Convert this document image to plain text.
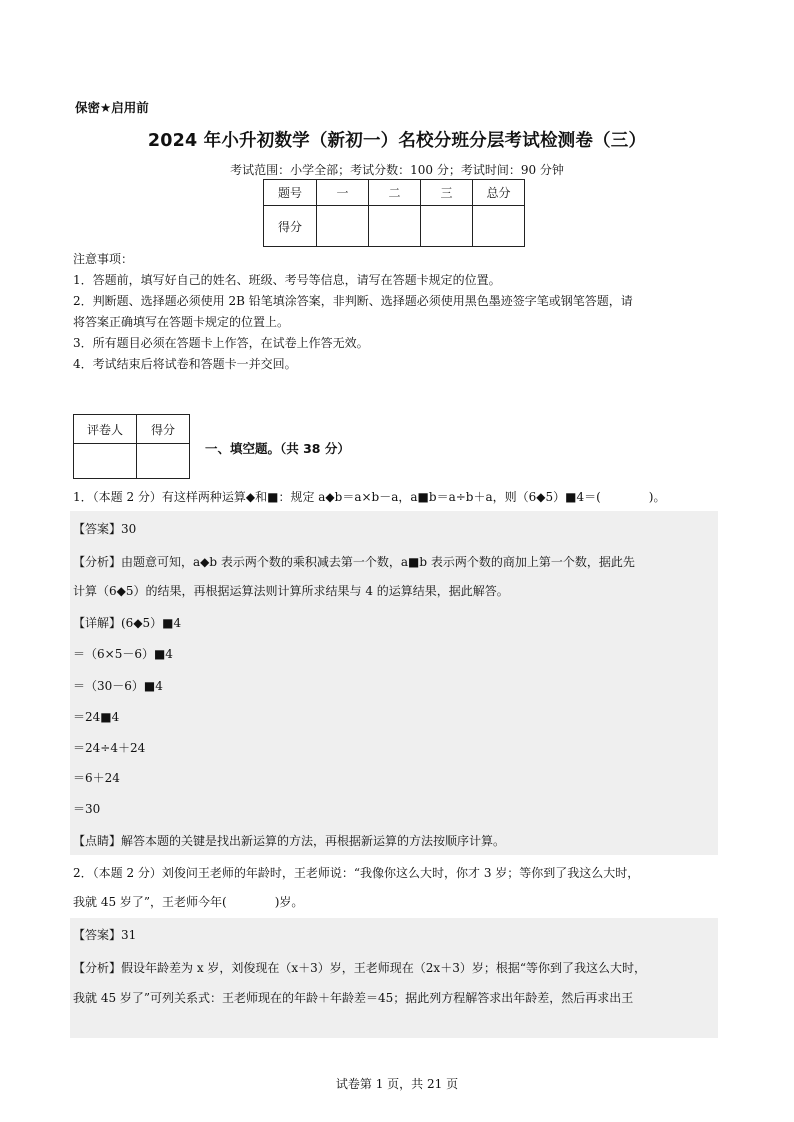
保密★启用前
2024 年小升初数学（新初一）名校分班分层考试检测卷（三）
考试范围：小学全部；考试分数：100 分；考试时间：90 分钟
题号	一	二	三	总分
得分				
注意事项：
1．答题前，填写好自己的姓名、班级、考号等信息，请写在答题卡规定的位置。
2．判断题、选择题必须使用 2B 铅笔填涂答案，非判断、选择题必须使用黑色墨迹签字笔或钢笔答题，请
将答案正确填写在答题卡规定的位置上。
3．所有题目必须在答题卡上作答，在试卷上作答无效。
4．考试结束后将试卷和答题卡一并交回。
评卷人	得分

一、填空题。（共 38 分）
1．（本题 2 分）有这样两种运算◆和■：规定 a◆b＝a×b－a，a■b＝a÷b＋a，则（6◆5）■4＝(　　　　)。
【答案】30
【分析】由题意可知，a◆b 表示两个数的乘积减去第一个数，a■b 表示两个数的商加上第一个数，据此先
计算（6◆5）的结果，再根据运算法则计算所求结果与 4 的运算结果，据此解答。
【详解】(6◆5）■4
＝（6×5－6）■4
＝（30－6）■4
＝24■4
＝24÷4＋24
＝6＋24
＝30
【点睛】解答本题的关键是找出新运算的方法，再根据新运算的方法按顺序计算。
2．（本题 2 分）刘俊问王老师的年龄时，王老师说：“我像你这么大时，你才 3 岁；等你到了我这么大时，
我就 45 岁了”，王老师今年(　　　　)岁。
【答案】31
【分析】假设年龄差为 x 岁，刘俊现在（x＋3）岁，王老师现在（2x＋3）岁；根据“等你到了我这么大时，
我就 45 岁了”可列关系式：王老师现在的年龄＋年龄差＝45；据此列方程解答求出年龄差，然后再求出王
试卷第 1 页，共 21 页
